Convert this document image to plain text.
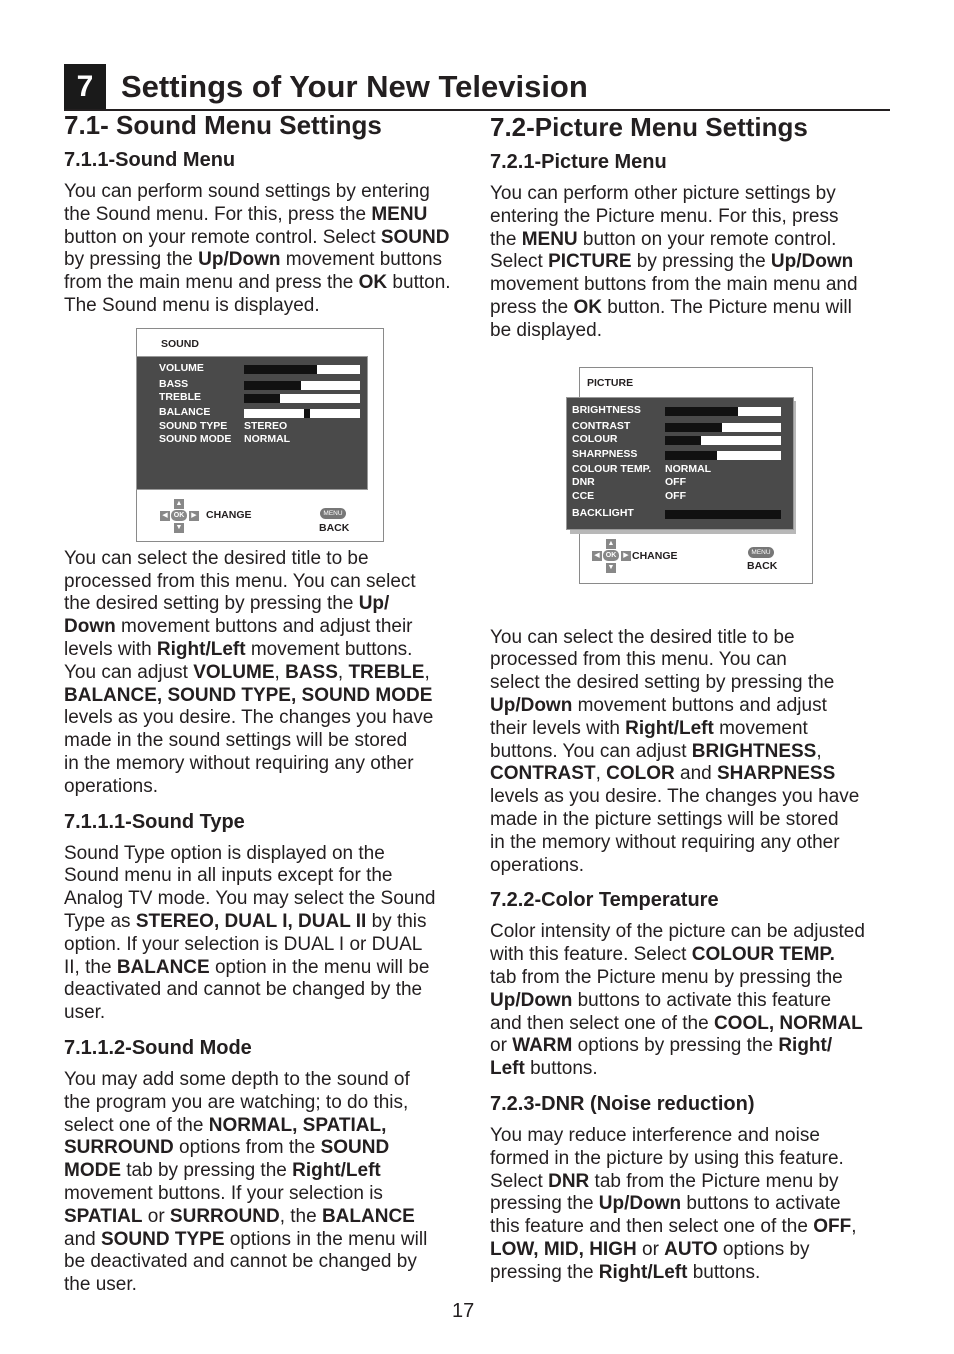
7 Settings of Your New Television
7.1- Sound Menu Settings
7.1.1-Sound Menu

You can perform sound settings by entering
the Sound menu. For this, press the MENU
button on your remote control. Select SOUND
by pressing the Up/Down movement buttons
from the main menu and press the OK button.
The Sound menu is displayed.

SOUND
VOLUME
BASS
TREBLE
BALANCE
SOUND TYPE STEREO
SOUND MODE NORMAL
▲
◀ OK	▶
▼
CHANGE	MENU
BACK

You can select the desired title to be
processed from this menu. You can select
the desired setting by pressing the Up/
Down movement buttons and adjust their
levels with Right/Left movement buttons.
You can adjust VOLUME, BASS, TREBLE,
BALANCE, SOUND TYPE, SOUND MODE
levels as you desire. The changes you have
made in the sound settings will be stored
in the memory without requiring any other
operations.

7.1.1.1-Sound Type

Sound Type option is displayed on the
Sound menu in all inputs except for the
Analog TV mode. You may select the Sound
Type as STEREO, DUAL I, DUAL II by this
option. If your selection is DUAL I or DUAL
II, the BALANCE option in the menu will be
deactivated and cannot be changed by the
user.

7.1.1.2-Sound Mode

You may add some depth to the sound of
the program you are watching; to do this,
select one of the NORMAL, SPATIAL,
SURROUND options from the SOUND
MODE tab by pressing the Right/Left
movement buttons. If your selection is
SPATIAL or SURROUND, the BALANCE
and SOUND TYPE options in the menu will
be deactivated and cannot be changed by
the user.

7.2-Picture Menu Settings
7.2.1-Picture Menu

You can perform other picture settings by
entering the Picture menu. For this, press
the MENU button on your remote control.
Select PICTURE by pressing the Up/Down
movement buttons from the main menu and
press the OK button. The Picture menu will
be displayed.

PICTURE
BRIGHTNESS
CONTRAST
COLOUR
SHARPNESS
COLOUR TEMP. NORMAL
DNR	OFF
CCE	OFF
BACKLIGHT
▲
◀ OK	▶
▼
CHANGE	MENU
BACK

You can select the desired title to be
processed from this menu. You can
select the desired setting by pressing the
Up/Down movement buttons and adjust
their levels with Right/Left movement
buttons. You can adjust BRIGHTNESS,
CONTRAST, COLOR and SHARPNESS
levels as you desire. The changes you have
made in the picture settings will be stored
in the memory without requiring any other
operations.

7.2.2-Color Temperature

Color intensity of the picture can be adjusted
with this feature. Select COLOUR TEMP.
tab from the Picture menu by pressing the
Up/Down buttons to activate this feature
and then select one of the COOL, NORMAL
or WARM options by pressing the Right/
Left buttons.

7.2.3-DNR (Noise reduction)

You may reduce interference and noise
formed in the picture by using this feature.
Select DNR tab from the Picture menu by
pressing the Up/Down buttons to activate
this feature and then select one of the OFF,
LOW, MID, HIGH or AUTO options by
pressing the Right/Left buttons.

17
